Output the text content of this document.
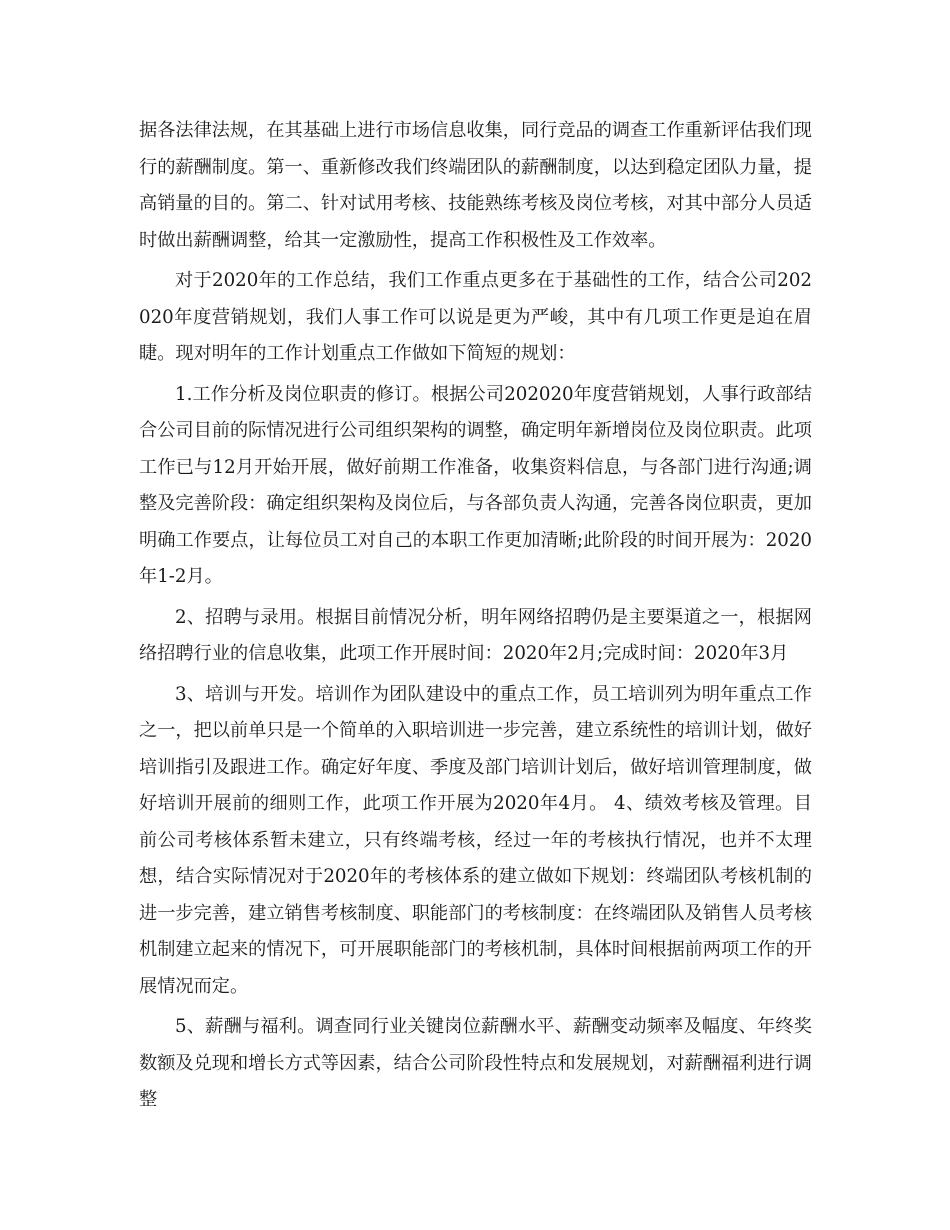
据各法律法规，在其基础上进行市场信息收集，同行竞品的调查工作重新评估我们现行的薪酬制度。第一、重新修改我们终端团队的薪酬制度，以达到稳定团队力量，提高销量的目的。第二、针对试用考核、技能熟练考核及岗位考核，对其中部分人员适时做出薪酬调整，给其一定激励性，提高工作积极性及工作效率。

对于2020年的工作总结，我们工作重点更多在于基础性的工作，结合公司202020年度营销规划，我们人事工作可以说是更为严峻，其中有几项工作更是迫在眉睫。现对明年的工作计划重点工作做如下简短的规划：

1.工作分析及岗位职责的修订。根据公司202020年度营销规划，人事行政部结合公司目前的际情况进行公司组织架构的调整，确定明年新增岗位及岗位职责。此项工作已与12月开始开展，做好前期工作准备，收集资料信息，与各部门进行沟通;调整及完善阶段：确定组织架构及岗位后，与各部负责人沟通，完善各岗位职责，更加明确工作要点，让每位员工对自己的本职工作更加清晰;此阶段的时间开展为：2020年1-2月。

2、招聘与录用。根据目前情况分析，明年网络招聘仍是主要渠道之一，根据网络招聘行业的信息收集，此项工作开展时间：2020年2月;完成时间：2020年3月

3、培训与开发。培训作为团队建设中的重点工作，员工培训列为明年重点工作之一，把以前单只是一个简单的入职培训进一步完善，建立系统性的培训计划，做好培训指引及跟进工作。确定好年度、季度及部门培训计划后，做好培训管理制度，做好培训开展前的细则工作，此项工作开展为2020年4月。 4、绩效考核及管理。目前公司考核体系暂未建立，只有终端考核，经过一年的考核执行情况，也并不太理想，结合实际情况对于2020年的考核体系的建立做如下规划：终端团队考核机制的进一步完善，建立销售考核制度、职能部门的考核制度：在终端团队及销售人员考核机制建立起来的情况下，可开展职能部门的考核机制，具体时间根据前两项工作的开展情况而定。

5、薪酬与福利。调查同行业关键岗位薪酬水平、薪酬变动频率及幅度、年终奖数额及兑现和增长方式等因素，结合公司阶段性特点和发展规划，对薪酬福利进行调整
